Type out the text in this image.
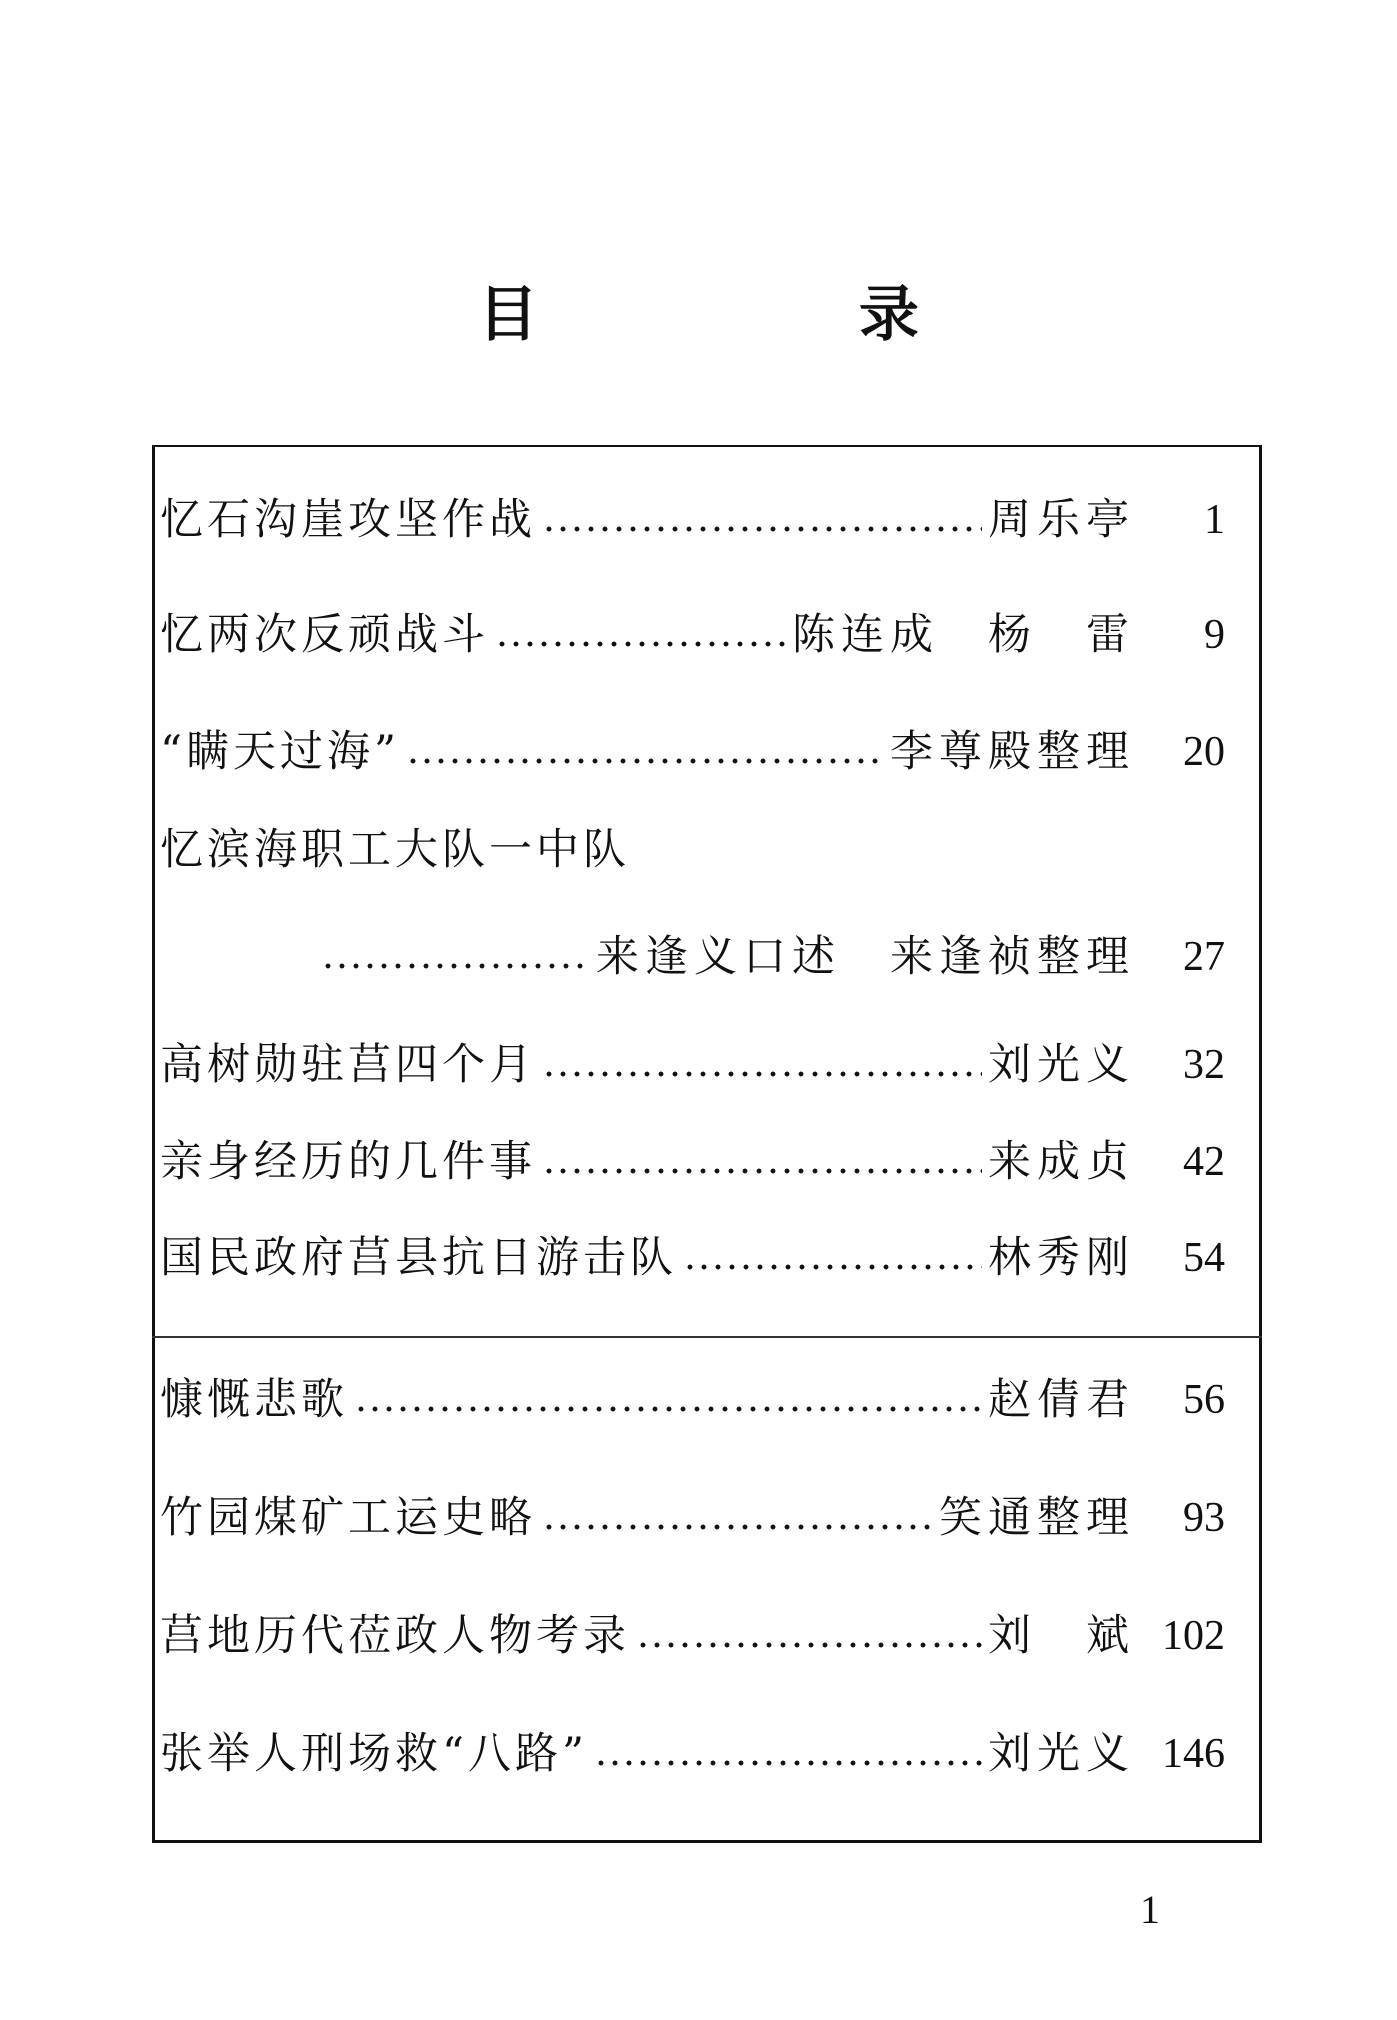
目 录
忆石沟崖攻坚作战	周乐亭	1
忆两次反顽战斗	陈连成　杨　雷	9
“瞒天过海”	李尊殿整理	20
忆滨海职工大队一中队
来逢义口述　来逢祯整理	27
高树勋驻莒四个月	刘光义	32
亲身经历的几件事	来成贞	42
国民政府莒县抗日游击队	林秀刚	54
慷慨悲歌	赵倩君	56
竹园煤矿工运史略	笑通整理	93
莒地历代莅政人物考录	刘　斌 102
张举人刑场救“八路”	刘光义 146
1
